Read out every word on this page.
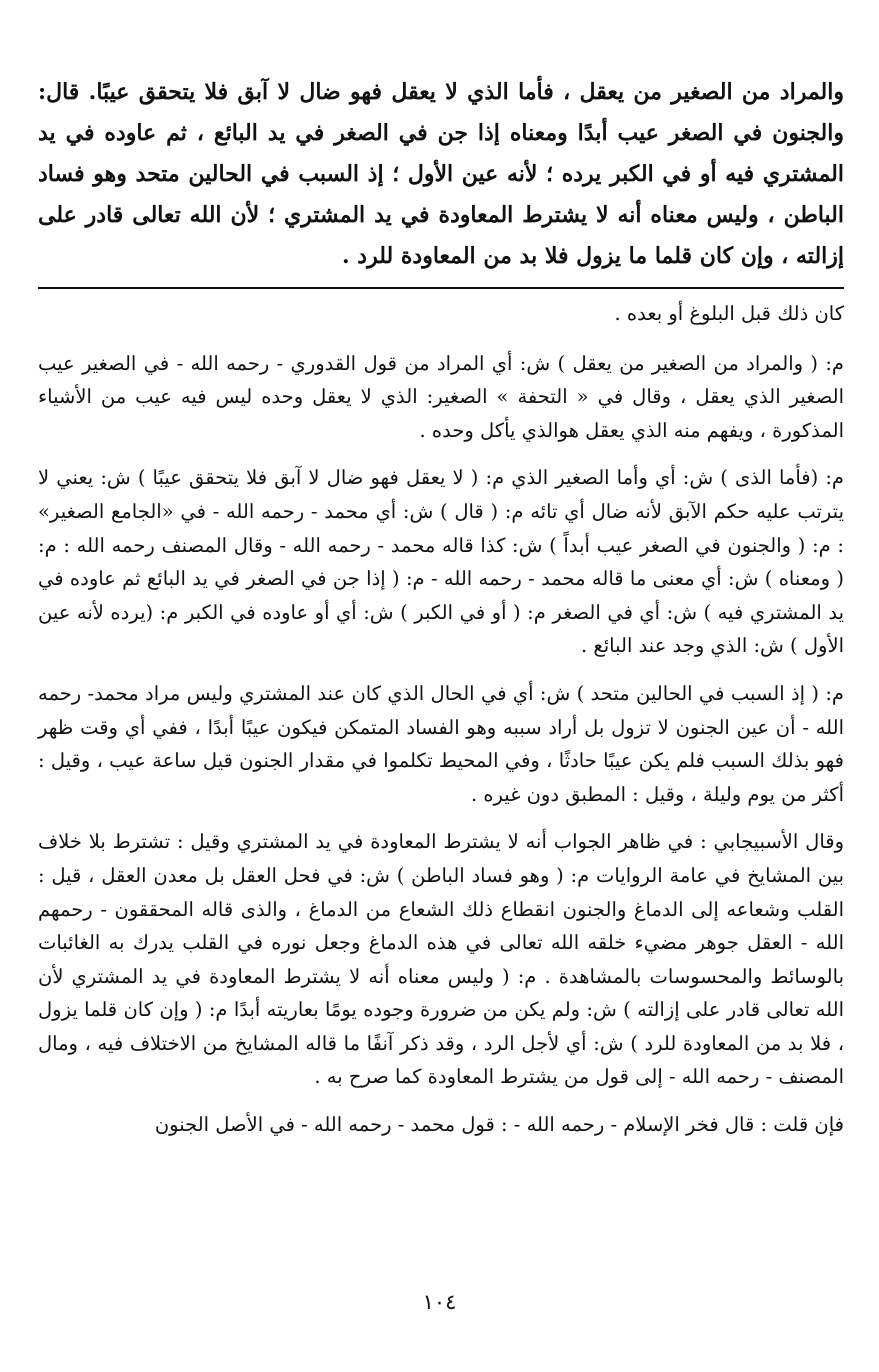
والمراد من الصغير من يعقل ، فأما الذي لا يعقل فهو ضال لا آبق فلا يتحقق عيبًا. قال: والجنون في الصغر عيب أبدًا ومعناه إذا جن في الصغر في يد البائع ، ثم عاوده في يد المشتري فيه أو في الكبر يرده ؛ لأنه عين الأول ؛ إذ السبب في الحالين متحد وهو فساد الباطن ، وليس معناه أنه لا يشترط المعاودة في يد المشتري ؛ لأن الله تعالى قادر على إزالته ، وإن كان قلما ما يزول فلا بد من المعاودة للرد .

كان ذلك قبل البلوغ أو بعده .

م: ( والمراد من الصغير من يعقل ) ش: أي المراد من قول القدوري - رحمه الله - في الصغير عيب الصغير الذي يعقل ، وقال في « التحفة » الصغير: الذي لا يعقل وحده ليس فيه عيب من الأشياء المذكورة ، ويفهم منه الذي يعقل هوالذي يأكل وحده .

م: (فأما الذى ) ش: أي وأما الصغير الذي م: ( لا يعقل فهو ضال لا آبق فلا يتحقق عيبًا ) ش: يعني لا يترتب عليه حكم الآبق لأنه ضال أي تائه م: ( قال ) ش: أي محمد - رحمه الله - في «الجامع الصغير» : م: ( والجنون في الصغر عيب أبداً ) ش: كذا قاله محمد - رحمه الله - وقال المصنف رحمه الله : م: ( ومعناه ) ش: أي معنى ما قاله محمد - رحمه الله - م: ( إذا جن في الصغر في يد البائع ثم عاوده في يد المشتري فيه ) ش: أي في الصغر م: ( أو في الكبر ) ش: أي أو عاوده في الكبر م: (يرده لأنه عين الأول ) ش: الذي وجد عند البائع .

م: ( إذ السبب في الحالين متحد ) ش: أي في الحال الذي كان عند المشتري وليس مراد محمد- رحمه الله - أن عين الجنون لا تزول بل أراد سببه وهو الفساد المتمكن فيكون عيبًا أبدًا ، ففي أي وقت ظهر فهو بذلك السبب فلم يكن عيبًا حادثًا ، وفي المحيط تكلموا في مقدار الجنون قيل ساعة عيب ، وقيل : أكثر من يوم وليلة ، وقيل : المطبق دون غيره .

وقال الأسبيجابي : في ظاهر الجواب أنه لا يشترط المعاودة في يد المشتري وقيل : تشترط بلا خلاف بين المشايخ في عامة الروايات م: ( وهو فساد الباطن ) ش: في فحل العقل بل معدن العقل ، قيل : القلب وشعاعه إلى الدماغ والجنون انقطاع ذلك الشعاع من الدماغ ، والذى قاله المحققون - رحمهم الله - العقل جوهر مضيء خلقه الله تعالى في هذه الدماغ وجعل نوره في القلب يدرك به الغائبات بالوسائط والمحسوسات بالمشاهدة . م: ( وليس معناه أنه لا يشترط المعاودة في يد المشتري لأن الله تعالى قادر على إزالته ) ش: ولم يكن من ضرورة وجوده يومًا بعاريته أبدًا م: ( وإن كان قلما يزول ، فلا بد من المعاودة للرد ) ش: أي لأجل الرد ، وقد ذكر آنفًا ما قاله المشايخ من الاختلاف فيه ، ومال المصنف - رحمه الله - إلى قول من يشترط المعاودة كما صرح به .

فإن قلت : قال فخر الإسلام - رحمه الله - : قول محمد - رحمه الله - في الأصل الجنون

١٠٤
